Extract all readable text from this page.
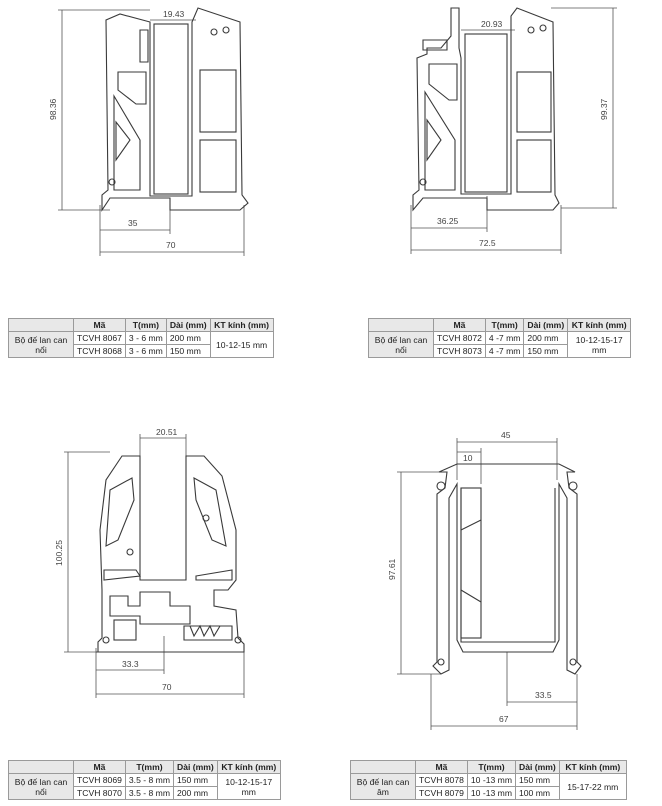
19.43
98.36
35
70
20.93
99.37
36.25
72.5
	Mã	T(mm)	Dài (mm)	KT kính (mm)
Bộ đế lan can nổi	TCVH 8067	3 - 6 mm	200 mm	10-12-15 mm
	TCVH 8068	3 - 6 mm	150 mm	
	Mã	T(mm)	Dài (mm)	KT kính (mm)
Bộ đế lan can nổi	TCVH 8072	4 -7 mm	200 mm	10-12-15-17 mm
	TCVH 8073	4 -7 mm	150 mm	
20.51
100.25
33.3
70
45
10
97.61
33.5
67
	Mã	T(mm)	Dài (mm)	KT kính (mm)
Bộ đế lan can nổi	TCVH 8069	3.5 - 8 mm	150 mm	10-12-15-17 mm
	TCVH 8070	3.5 - 8 mm	200 mm	
	Mã	T(mm)	Dài (mm)	KT kính (mm)
Bộ đế lan can âm	TCVH 8078	10 -13 mm	150 mm	15-17-22 mm
	TCVH 8079	10 -13 mm	100 mm	
